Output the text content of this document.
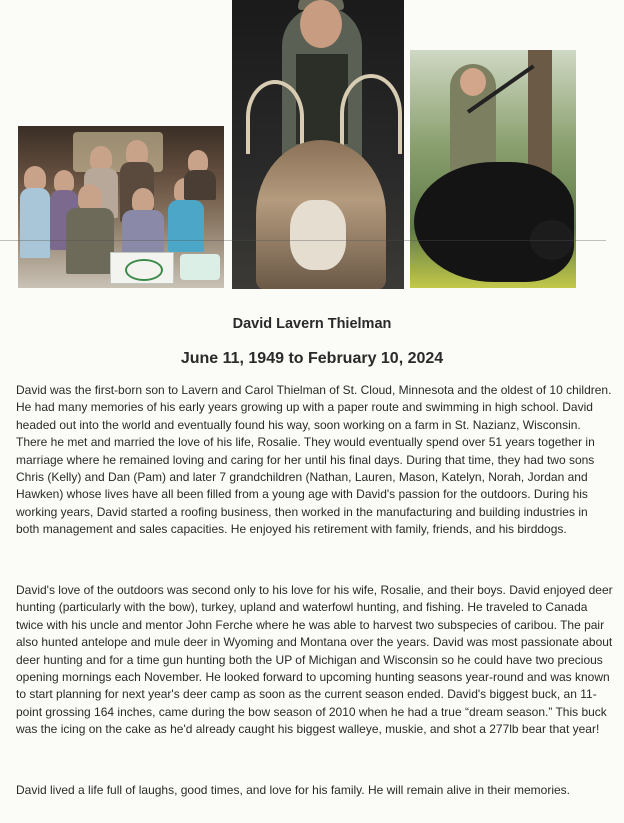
David Lavern Thielman
June 11, 1949 to February 10, 2024
David was the first-born son to Lavern and Carol Thielman of St. Cloud, Minnesota and the oldest of 10 children. He had many memories of his early years growing up with a paper route and swimming in high school. David headed out into the world and eventually found his way, soon working on a farm in St. Nazianz, Wisconsin. There he met and married the love of his life, Rosalie. They would eventually spend over 51 years together in marriage where he remained loving and caring for her until his final days. During that time, they had two sons Chris (Kelly) and Dan (Pam) and later 7 grandchildren (Nathan, Lauren, Mason, Katelyn, Norah, Jordan and Hawken) whose lives have all been filled from a young age with David's passion for the outdoors. During his working years, David started a roofing business, then worked in the manufacturing and building industries in both management and sales capacities. He enjoyed his retirement with family, friends, and his birddogs.
David's love of the outdoors was second only to his love for his wife, Rosalie, and their boys. David enjoyed deer hunting (particularly with the bow), turkey, upland and waterfowl hunting, and fishing. He traveled to Canada twice with his uncle and mentor John Ferche where he was able to harvest two subspecies of caribou. The pair also hunted antelope and mule deer in Wyoming and Montana over the years. David was most passionate about deer hunting and for a time gun hunting both the UP of Michigan and Wisconsin so he could have two precious opening mornings each November. He looked forward to upcoming hunting seasons year-round and was known to start planning for next year's deer camp as soon as the current season ended. David's biggest buck, an 11-point grossing 164 inches, came during the bow season of 2010 when he had a true “dream season.” This buck was the icing on the cake as he'd already caught his biggest walleye, muskie, and shot a 277lb bear that year!
David lived a life full of laughs, good times, and love for his family. He will remain alive in their memories.
